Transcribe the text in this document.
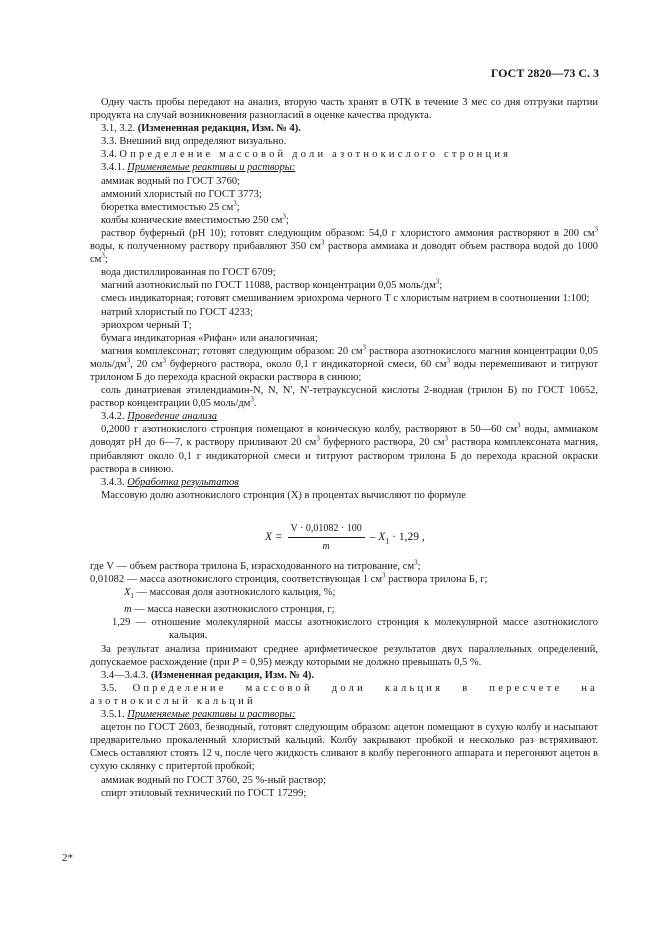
ГОСТ 2820—73 С. 3

Одну часть пробы передают на анализ, вторую часть хранят в ОТК в течение 3 мес со дня отгрузки партии продукта на случай возникновения разногласий в оценке качества продукта.

3.1, 3.2. (Измененная редакция, Изм. № 4).

3.3. Внешний вид определяют визуально.

3.4. Определение массовой доли азотнокислого стронция

3.4.1. Применяемые реактивы и растворы:

аммиак водный по ГОСТ 3760;

аммоний хлористый по ГОСТ 3773;

бюретка вместимостью 25 $см^3$;

колбы конические вместимостью 250 $см^3$;

раствор буферный (pH 10); готовят следующим образом: 54,0 г хлористого аммония растворяют в 200 $см^3$ воды, к полученному раствору прибавляют 350 $см^3$ раствора аммиака и доводят объем раствора водой до 1000 $см^3$;

вода дистиллированная по ГОСТ 6709;

магний азотнокислый по ГОСТ 11088, раствор концентрации 0,05 моль/$дм^3$;

смесь индикаторная; готовят смешиванием эриохрома черного Т с хлористым натрием в соотношении 1:100;

натрий хлористый по ГОСТ 4233;

эриохром черный Т;

бумага индикаторная «Рифан» или аналогичная;

магния комплексонат; готовят следующим образом: 20 $см^3$ раствора азотнокислого магния концентрации 0,05 моль/$дм^3$, 20 $см^3$ буферного раствора, около 0,1 г индикаторной смеси, 60 $см^3$ воды перемешивают и титруют трилоном Б до перехода красной окраски раствора в синюю;

соль динатриевая этилендиамин-N, N, N', N'-тетрауксусной кислоты 2-водная (трилон Б) по ГОСТ 10652, раствор концентрации 0,05 моль/$дм^3$.

3.4.2. Проведение анализа

0,2000 г азотнокислого стронция помещают в коническую колбу, растворяют в 50—60 $см^3$ воды, аммиаком доводят pH до 6—7, к раствору приливают 20 $см^3$ буферного раствора, 20 $см^3$ раствора комплексоната магния, прибавляют около 0,1 г индикаторной смеси и титруют раствором трилона Б до перехода красной окраски раствора в синюю.

3.4.3. Обработка результатов

Массовую долю азотнокислого стронция (X) в процентах вычисляют по формуле

$X = \frac{V \cdot 0,01082 \cdot 100}{m} - X_1 \cdot 1,29$ ,

где V — объем раствора трилона Б, израсходованного на титрование, $см^3$;

0,01082 — масса азотнокислого стронция, соответствующая 1 $см^3$ раствора трилона Б, г;

$X_1$ — массовая доля азотнокислого кальция, %;

m — масса навески азотнокислого стронция, г;

1,29 — отношение молекулярной массы азотнокислого стронция к молекулярной массе азотнокислого кальция.

За результат анализа принимают среднее арифметическое результатов двух параллельных определений, допускаемое расхождение (при P = 0,95) между которыми не должно превышать 0,5 %.

3.4—3.4.3. (Измененная редакция, Изм. № 4).

3.5. Определение массовой доли кальция в пересчете на азотнокислый кальций

3.5.1. Применяемые реактивы и растворы:

ацетон по ГОСТ 2603, безводный, готовят следующим образом: ацетон помещают в сухую колбу и насыпают предварительно прокаленный хлористый кальций. Колбу закрывают пробкой и несколько раз встряхивают. Смесь оставляют стоять 12 ч, после чего жидкость сливают в колбу перегонного аппарата и перегоняют ацетон в сухую склянку с притертой пробкой;

аммиак водный по ГОСТ 3760, 25 %-ный раствор;

спирт этиловый технический по ГОСТ 17299;

2*
